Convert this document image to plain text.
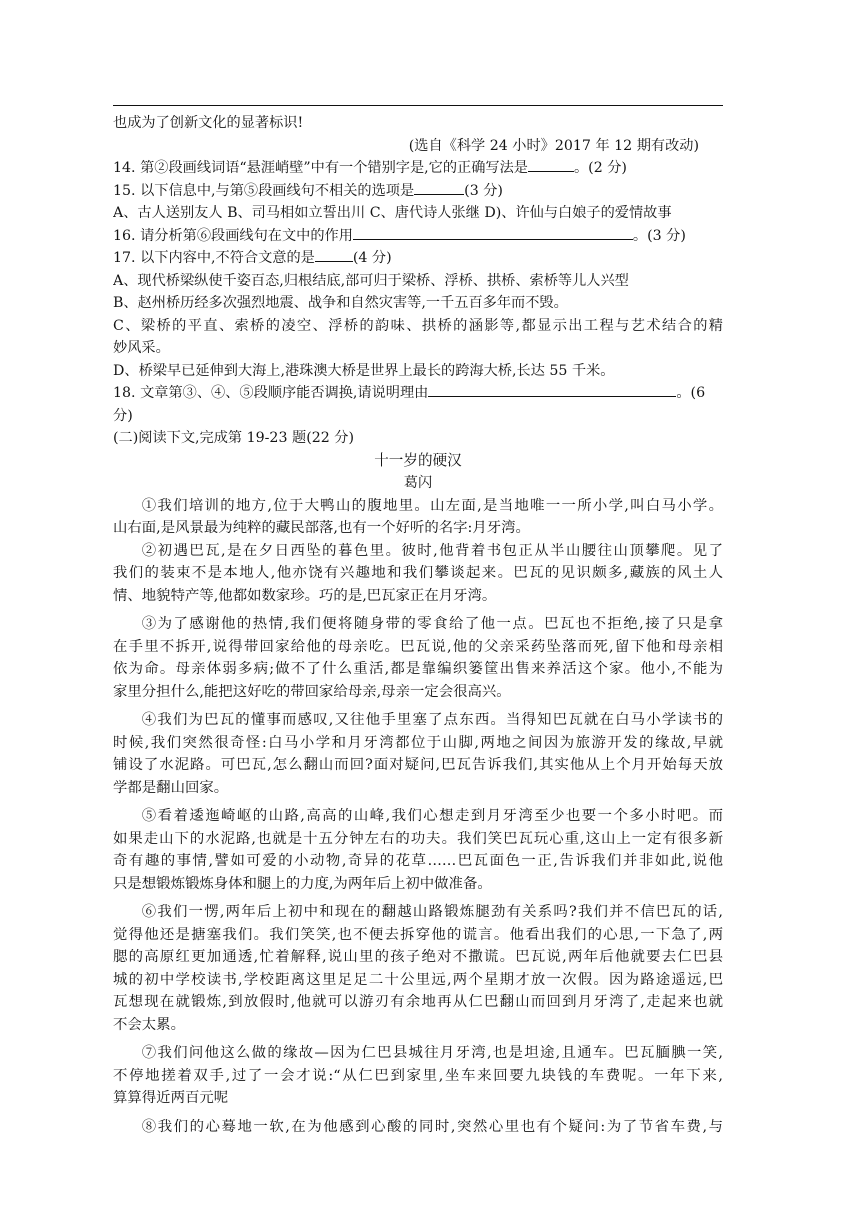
也成为了创新文化的显著标识!
(选自《科学 24 小时》2017 年 12 期有改动)
14. 第②段画线词语“悬涯峭壁”中有一个错别字是,它的正确写法是	。(2 分)
15. 以下信息中,与第⑤段画线句不相关的选项是	(3 分)
A、古人送别友人 B、司马相如立誓出川 C、唐代诗人张继 D)、许仙与白娘子的爱情故事
16. 请分析第⑥段画线句在文中的作用	。(3 分)
17. 以下内容中,不符合文意的是	(4 分)
A、现代桥梁纵使千姿百态,归根结底,部可归于梁桥、浮桥、拱桥、索桥等儿人兴型
B、赵州桥历经多次强烈地震、战争和自然灾害等,一千五百多年而不毁。
C、梁桥的平直、索桥的凌空、浮桥的韵味、拱桥的涵影等,都显示出工程与艺术结合的精
妙风采。
D、桥梁早已延伸到大海上,港珠澳大桥是世界上最长的跨海大桥,长达 55 千米。
18. 文章第③、④、⑤段顺序能否调换,请说明理由	。(6
分)
(二)阅读下文,完成第 19-23 题(22 分)
十一岁的硬汉
葛闪
①我们培训的地方,位于大鸭山的腹地里。山左面,是当地唯一一所小学,叫白马小学。
山右面,是风景最为纯粹的藏民部落,也有一个好听的名字:月牙湾。
②初遇巴瓦,是在夕日西坠的暮色里。彼时,他背着书包正从半山腰往山顶攀爬。见了
我们的装束不是本地人,他亦饶有兴趣地和我们攀谈起来。巴瓦的见识颇多,藏族的风土人
情、地貌特产等,他都如数家珍。巧的是,巴瓦家正在月牙湾。
③为了感谢他的热情,我们便将随身带的零食给了他一点。巴瓦也不拒绝,接了只是拿
在手里不拆开,说得带回家给他的母亲吃。巴瓦说,他的父亲采药坠落而死,留下他和母亲相
依为命。母亲体弱多病;做不了什么重活,都是靠编织篓筐出售来养活这个家。他小,不能为
家里分担什么,能把这好吃的带回家给母亲,母亲一定会很高兴。
④我们为巴瓦的懂事而感叹,又往他手里塞了点东西。当得知巴瓦就在白马小学读书的
时候,我们突然很奇怪:白马小学和月牙湾都位于山脚,两地之间因为旅游开发的缘故,早就
铺设了水泥路。可巴瓦,怎么翻山而回?面对疑问,巴瓦告诉我们,其实他从上个月开始每天放
学都是翻山回家。
⑤看着逶迤崎岖的山路,高高的山峰,我们心想走到月牙湾至少也要一个多小时吧。而
如果走山下的水泥路,也就是十五分钟左右的功夫。我们笑巴瓦玩心重,这山上一定有很多新
奇有趣的事情,譬如可爱的小动物,奇异的花草……巴瓦面色一正,告诉我们并非如此,说他
只是想锻炼锻炼身体和腿上的力度,为两年后上初中做准备。
⑥我们一愣,两年后上初中和现在的翻越山路锻炼腿劲有关系吗?我们并不信巴瓦的话,
觉得他还是搪塞我们。我们笑笑,也不便去拆穿他的谎言。他看出我们的心思,一下急了,两
腮的高原红更加通透,忙着解释,说山里的孩子绝对不撒谎。巴瓦说,两年后他就要去仁巴县
城的初中学校读书,学校距离这里足足二十公里远,两个星期才放一次假。因为路途遥远,巴
瓦想现在就锻炼,到放假时,他就可以游刃有余地再从仁巴翻山而回到月牙湾了,走起来也就
不会太累。
⑦我们问他这么做的缘故—因为仁巴县城往月牙湾,也是坦途,且通车。巴瓦腼腆一笑,
不停地搓着双手,过了一会才说:“从仁巴到家里,坐车来回要九块钱的车费呢。一年下来,
算算得近两百元呢
⑧我们的心蓦地一软,在为他感到心酸的同时,突然心里也有个疑问:为了节省车费,与
